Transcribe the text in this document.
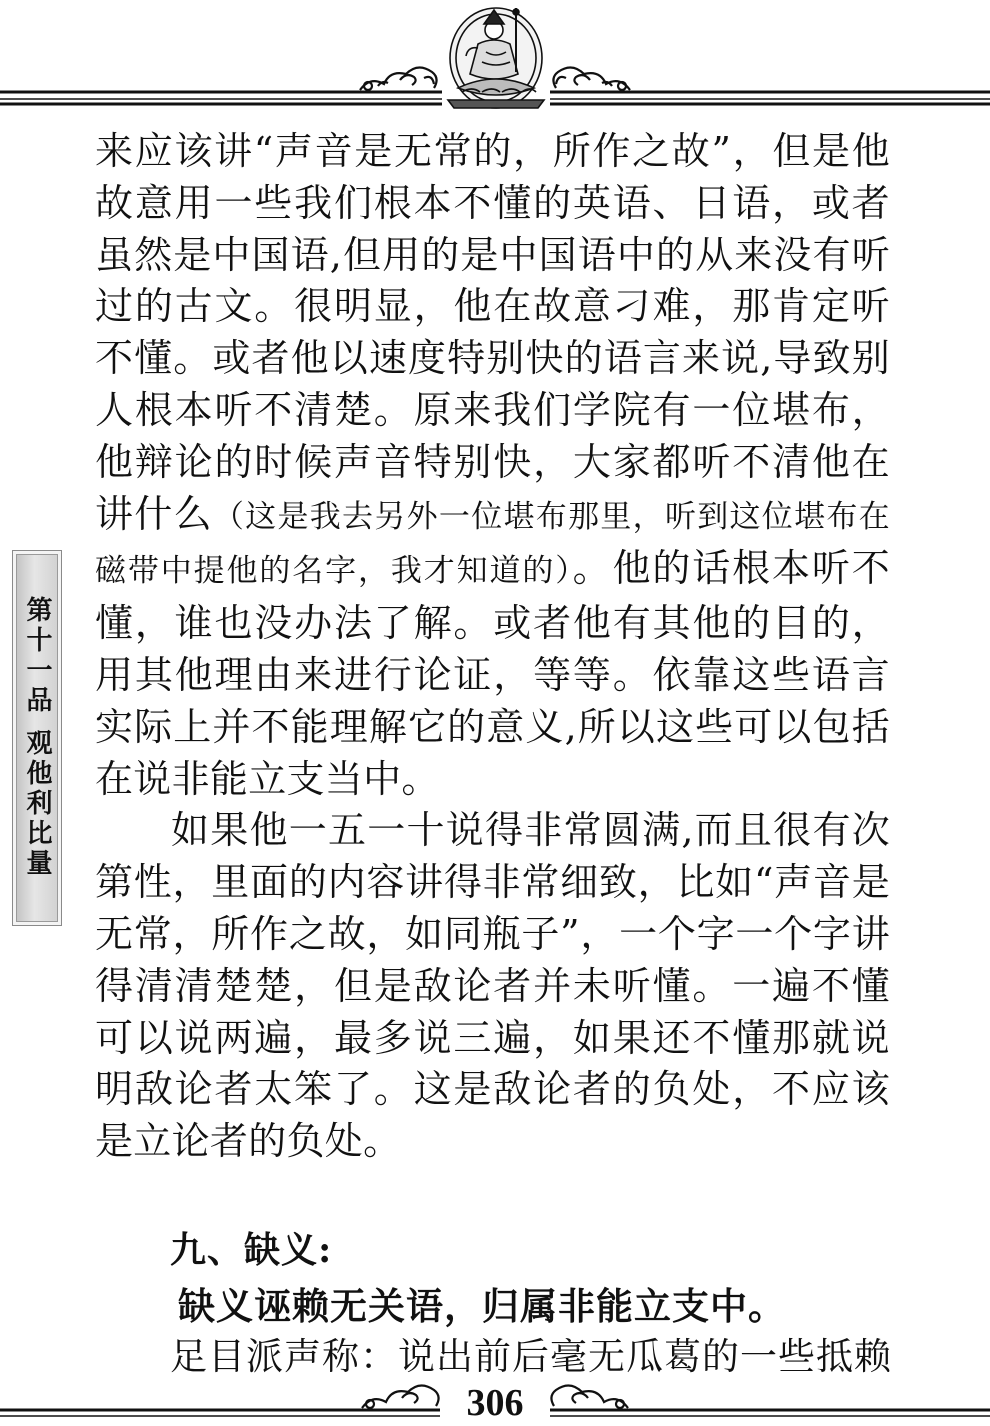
第十一品 观他利比量

来应该讲“声音是无常的，所作之故”，但是他故意用一些我们根本不懂的英语、日语，或者虽然是中国语,但用的是中国语中的从来没有听过的古文。很明显，他在故意刁难，那肯定听不懂。或者他以速度特别快的语言来说,导致别人根本听不清楚。原来我们学院有一位堪布，他辩论的时候声音特别快，大家都听不清他在讲什么（这是我去另外一位堪布那里，听到这位堪布在磁带中提他的名字，我才知道的）。他的话根本听不懂，谁也没办法了解。或者他有其他的目的，用其他理由来进行论证，等等。依靠这些语言实际上并不能理解它的意义,所以这些可以包括在说非能立支当中。

如果他一五一十说得非常圆满,而且很有次第性，里面的内容讲得非常细致，比如“声音是无常，所作之故，如同瓶子”，一个字一个字讲得清清楚楚，但是敌论者并未听懂。一遍不懂可以说两遍，最多说三遍，如果还不懂那就说明敌论者太笨了。这是敌论者的负处，不应该是立论者的负处。

九、缺义:

缺义诬赖无关语，归属非能立支中。

足目派声称：说出前后毫无瓜葛的一些抵赖

306
